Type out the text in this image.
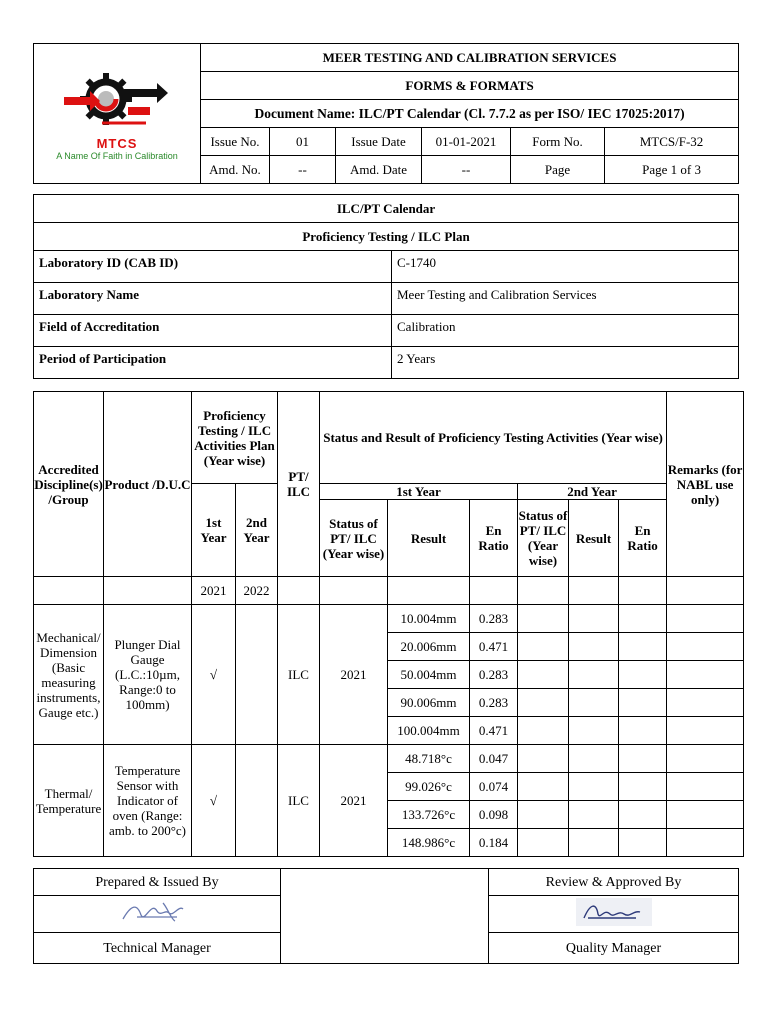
MTCS
A Name Of Faith in Calibration	MEER TESTING AND CALIBRATION SERVICES					
	FORMS & FORMATS					
	Document Name: ILC/PT Calendar (Cl. 7.7.2 as per ISO/ IEC 17025:2017)					
	Issue No.	01	Issue Date	01-01-2021	Form No.	MTCS/F-32
	Amd. No.	--	Amd. Date	--	Page	Page 1 of 3
ILC/PT Calendar	
Proficiency Testing / ILC Plan	
Laboratory ID (CAB ID)	C-1740
Laboratory Name	Meer Testing and Calibration Services
Field of Accreditation	Calibration
Period of Participation	2 Years
Accredited Discipline(s) /Group	Product /D.U.C	Proficiency Testing / ILC Activities Plan (Year wise)		PT/ ILC	Status and Result of Proficiency Testing Activities (Year wise)						Remarks (for NABL use only)
		1st Year	2nd Year		1st Year			2nd Year			
					Status of PT/ ILC (Year wise)	Result	En Ratio	Status of PT/ ILC (Year wise)	Result	En Ratio	
		2021	2022								
Mechanical/ Dimension (Basic measuring instruments, Gauge etc.)	Plunger Dial Gauge (L.C.:10µm, Range:0 to 100mm)	√		ILC	2021	10.004mm	0.283				
						20.006mm	0.471				
						50.004mm	0.283				
						90.006mm	0.283				
						100.004mm	0.471				
Thermal/ Temperature	Temperature Sensor with Indicator of oven (Range: amb. to 200°c)	√		ILC	2021	48.718°c	0.047				
						99.026°c	0.074				
						133.726°c	0.098				
						148.986°c	0.184				
Prepared & Issued By		Review & Approved By

Technical Manager		Quality Manager
